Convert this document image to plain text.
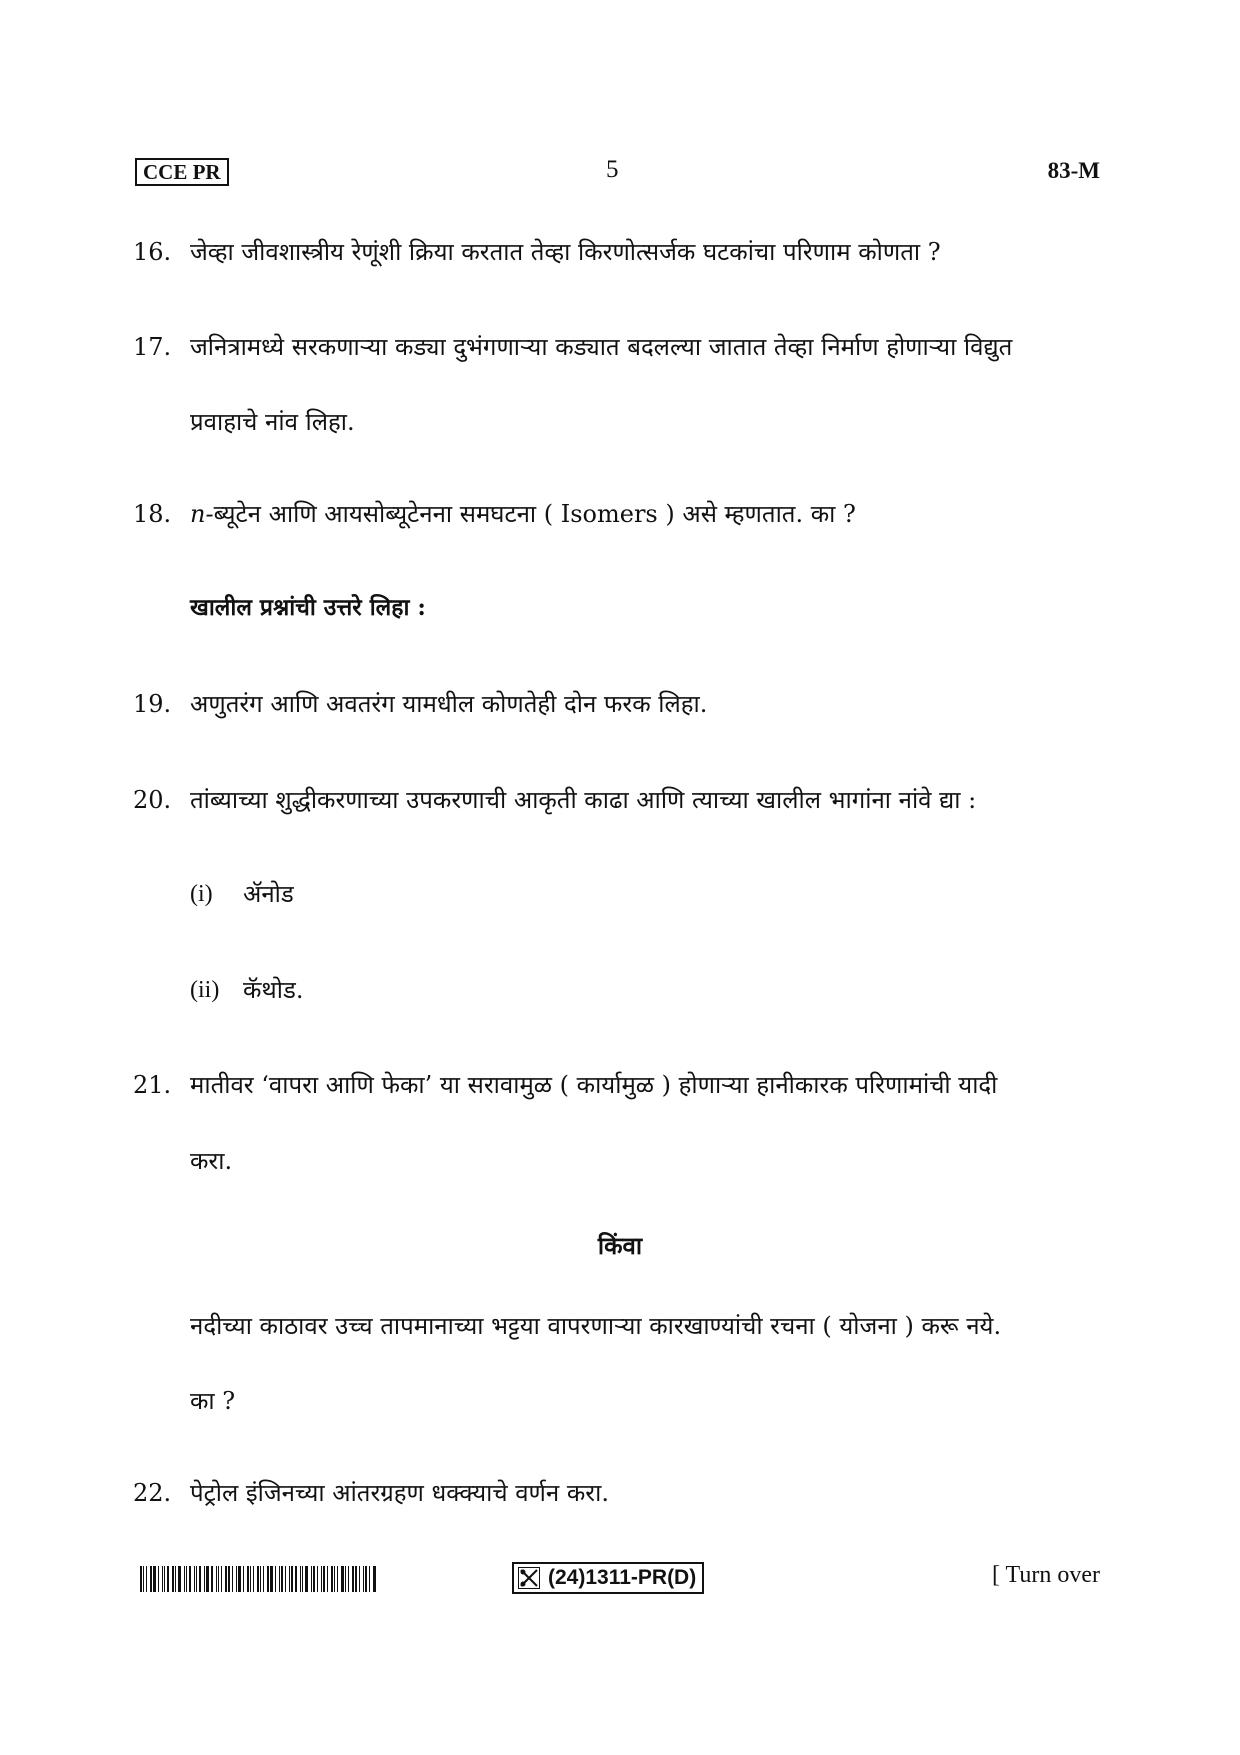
CCE PR	5	83-M
16. जेव्हा जीवशास्त्रीय रेणूंशी क्रिया करतात तेव्हा किरणोत्सर्जक घटकांचा परिणाम कोणता ?
17. जनित्रामध्ये सरकणाऱ्या कड्या दुभंगणाऱ्या कड्यात बदलल्या जातात तेव्हा निर्माण होणाऱ्या विद्युत
प्रवाहाचे नांव लिहा.
18. n-ब्यूटेन आणि आयसोब्यूटेनना समघटना ( Isomers ) असे म्हणतात. का ?
खालील प्रश्नांची उत्तरे लिहा :
19. अणुतरंग आणि अवतरंग यामधील कोणतेही दोन फरक लिहा.
20. तांब्याच्या शुद्धीकरणाच्या उपकरणाची आकृती काढा आणि त्याच्या खालील भागांना नांवे द्या :
(i) ॲनोड
(ii) कॅथोड.
21. मातीवर ‘वापरा आणि फेका’ या सरावामुळ ( कार्यामुळ ) होणाऱ्या हानीकारक परिणामांची यादी
करा.
किंवा
नदीच्या काठावर उच्च तापमानाच्या भट्टया वापरणाऱ्या कारखाण्यांची रचना ( योजना ) करू नये.
का ?
22. पेट्रोल इंजिनच्या आंतरग्रहण धक्क्याचे वर्णन करा.
(24)1311-PR(D)	[ Turn over
